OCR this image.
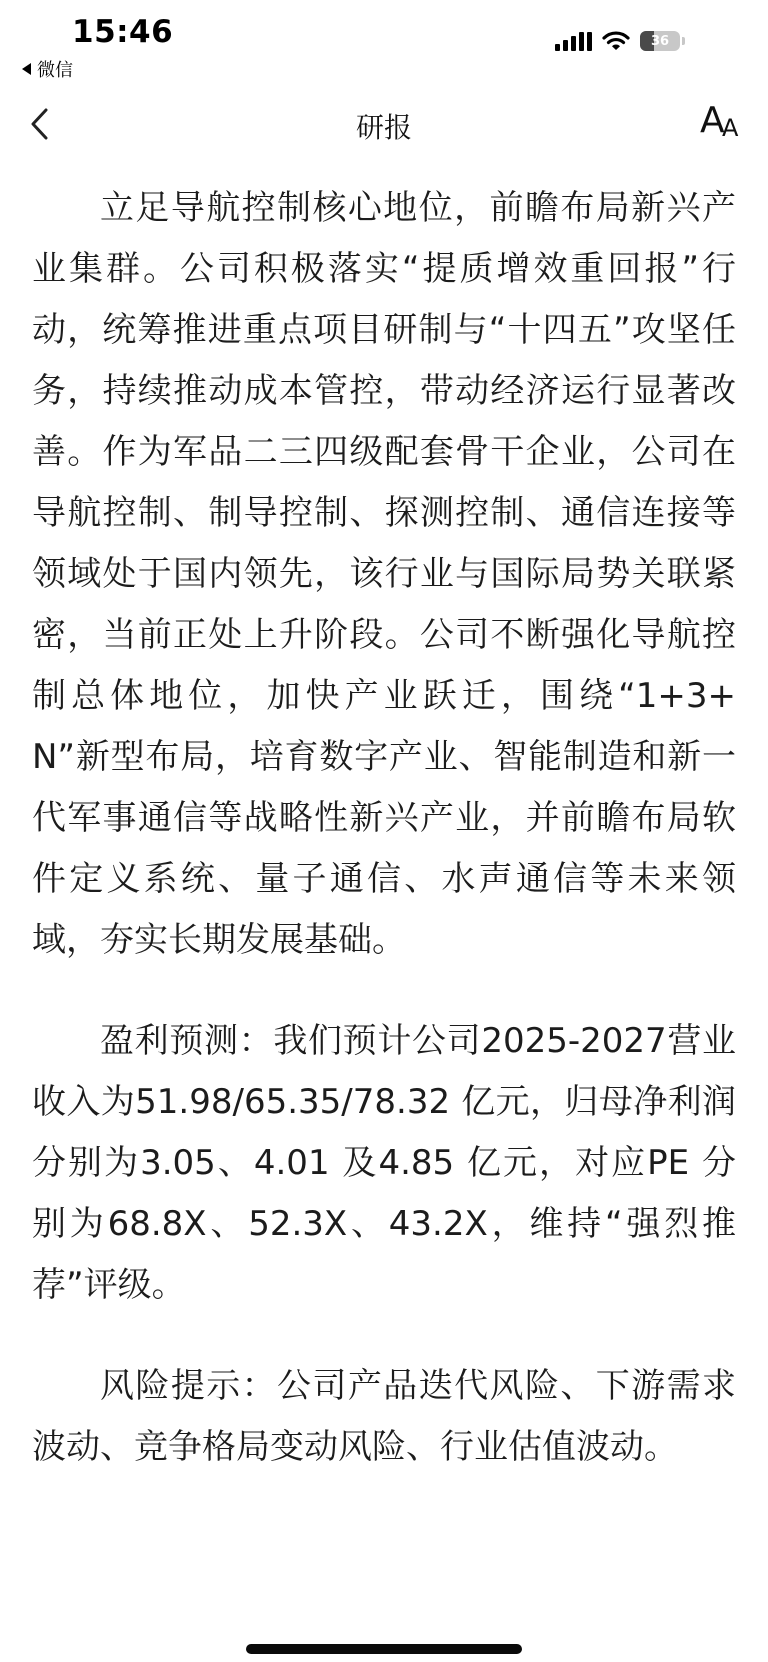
15:46
微信
36
研报	A
A

立足导航控制核心地位，前瞻布局新兴产业集群。公司积极落实“提质增效重回报”行动，统筹推进重点项目研制与“十四五”攻坚任务，持续推动成本管控，带动经济运行显著改善。作为军品二三四级配套骨干企业，公司在导航控制、制导控制、探测控制、通信连接等领域处于国内领先，该行业与国际局势关联紧密，当前正处上升阶段。公司不断强化导航控制总体地位，加快产业跃迁，围绕“1+3+N”新型布局，培育数字产业、智能制造和新一代军事通信等战略性新兴产业，并前瞻布局软件定义系统、量子通信、水声通信等未来领域，夯实长期发展基础。

盈利预测：我们预计公司2025-2027营业收入为51.98/65.35/78.32 亿元，归母净利润分别为3.05、4.01 及4.85 亿元，对应PE 分别为68.8X、52.3X、43.2X，维持“强烈推荐”评级。

风险提示：公司产品迭代风险、下游需求波动、竞争格局变动风险、行业估值波动。
